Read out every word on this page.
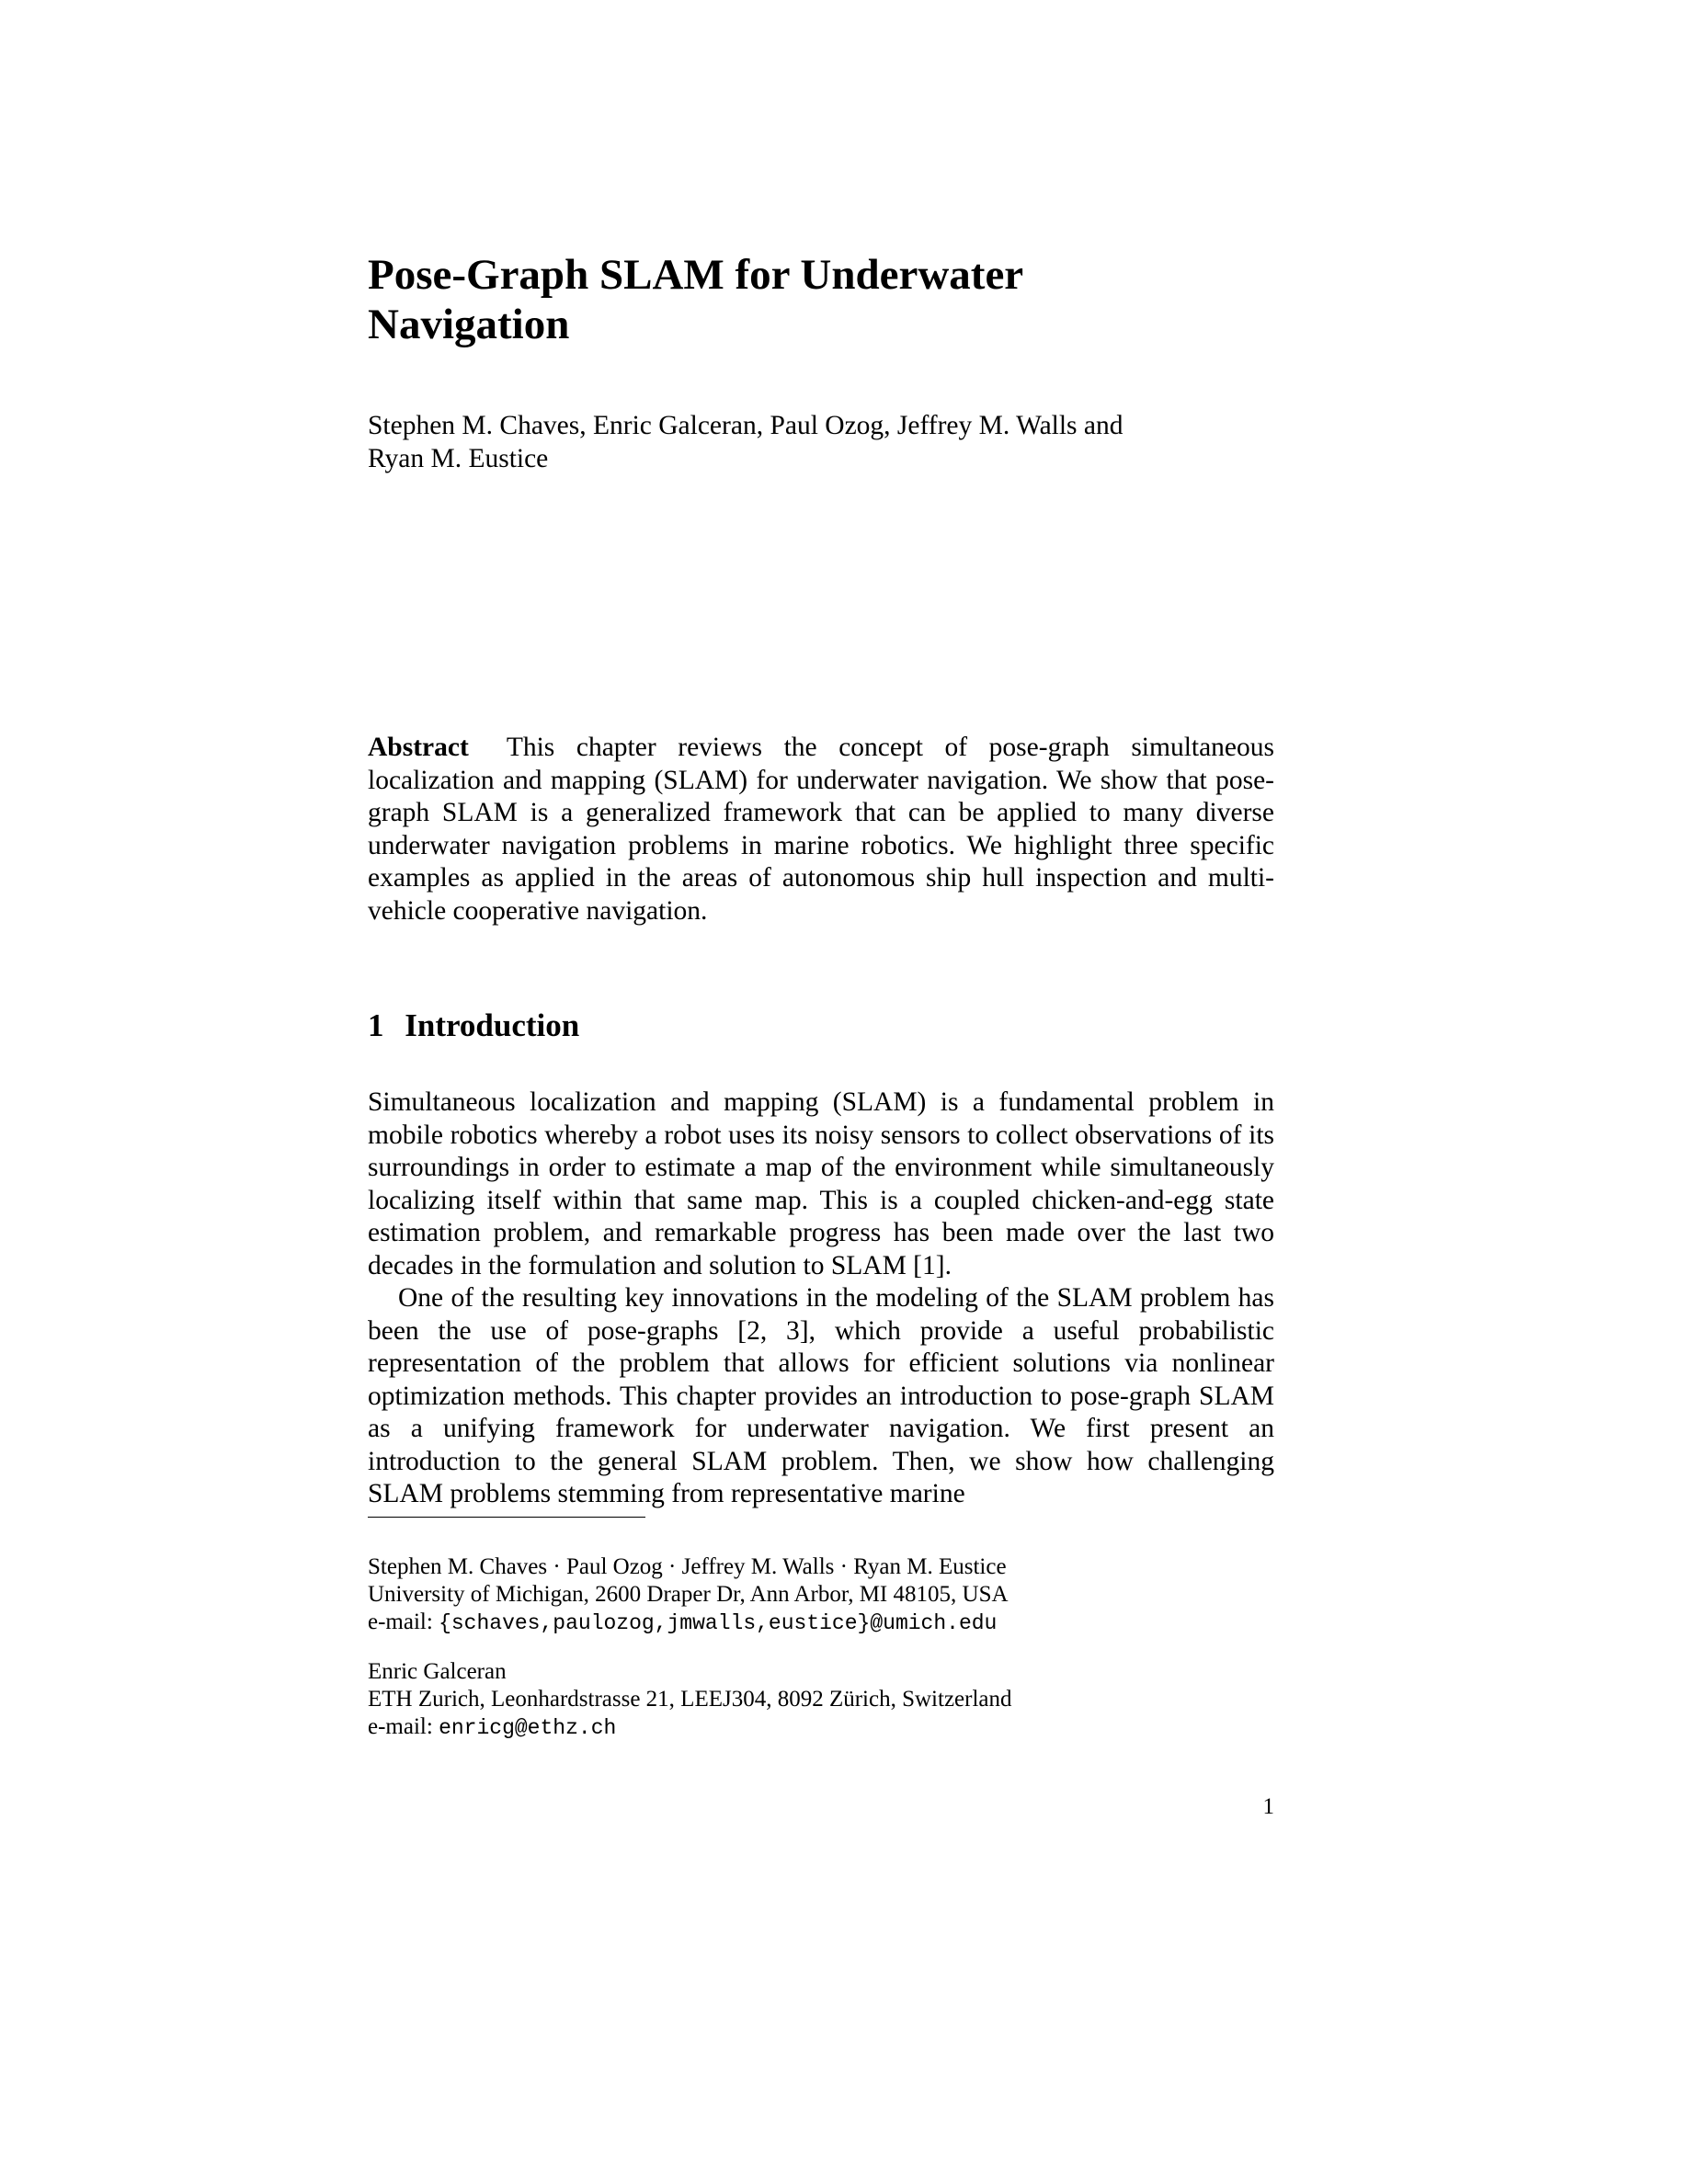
Pose-Graph SLAM for Underwater
Navigation

Stephen M. Chaves, Enric Galceran, Paul Ozog, Jeffrey M. Walls and
Ryan M. Eustice

Abstract This chapter reviews the concept of pose-graph simultaneous localization and mapping (SLAM) for underwater navigation. We show that pose-graph SLAM is a generalized framework that can be applied to many diverse underwater navigation problems in marine robotics. We highlight three specific examples as applied in the areas of autonomous ship hull inspection and multi-vehicle cooperative navigation.

1 Introduction

Simultaneous localization and mapping (SLAM) is a fundamental problem in mobile robotics whereby a robot uses its noisy sensors to collect observations of its surroundings in order to estimate a map of the environment while simultaneously localizing itself within that same map. This is a coupled chicken-and-egg state estimation problem, and remarkable progress has been made over the last two decades in the formulation and solution to SLAM [1].

One of the resulting key innovations in the modeling of the SLAM problem has been the use of pose-graphs [2, 3], which provide a useful probabilistic representation of the problem that allows for efficient solutions via nonlinear optimization methods. This chapter provides an introduction to pose-graph SLAM as a unifying framework for underwater navigation. We first present an introduction to the general SLAM problem. Then, we show how challenging SLAM problems stemming from representative marine

Stephen M. Chaves · Paul Ozog · Jeffrey M. Walls · Ryan M. Eustice
University of Michigan, 2600 Draper Dr, Ann Arbor, MI 48105, USA
e-mail: {schaves,paulozog,jmwalls,eustice}@umich.edu

Enric Galceran
ETH Zurich, Leonhardstrasse 21, LEEJ304, 8092 Zürich, Switzerland
e-mail: enricg@ethz.ch

1
